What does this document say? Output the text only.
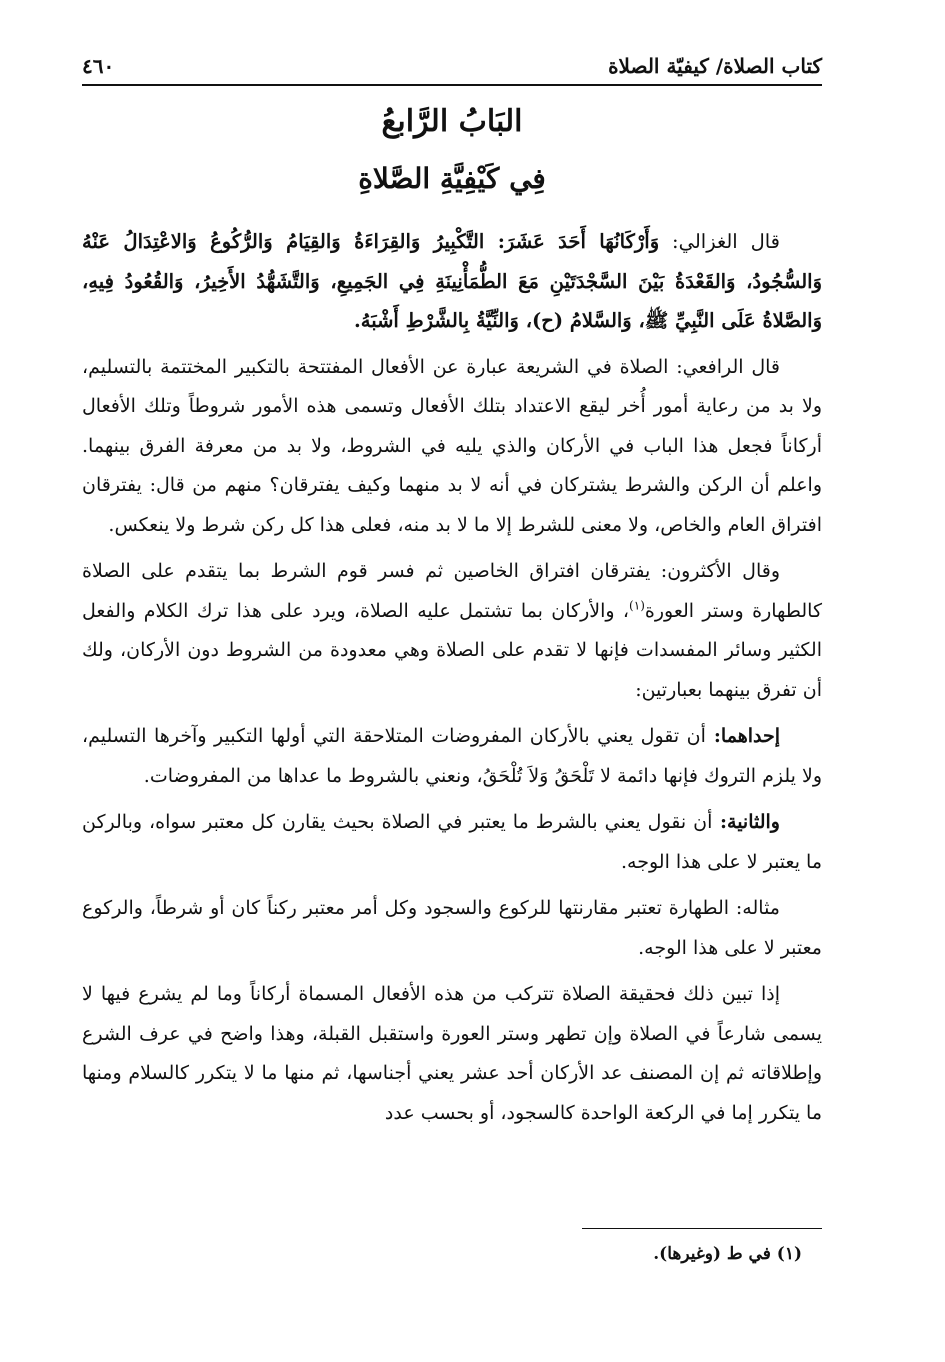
كتاب الصلاة/ كيفيّة الصلاة
٤٦٠
البَابُ الرَّابعُ
فِي كَيْفِيَّةِ الصَّلاةِ

قال الغزالي: وَأَرْكَانُهَا أَحَدَ عَشَرَ: التَّكْبِيرُ وَالقِرَاءَةُ وَالقِيَامُ وَالرُّكُوعُ وَالاعْتِدَالُ عَنْهُ وَالسُّجُودُ، وَالقَعْدَةُ بَيْنَ السَّجْدَتَيْنِ مَعَ الطُّمَأْنِينَةِ فِي الجَمِيعِ، وَالتَّشَهُّدُ الأَخِيرُ، وَالقُعُودُ فِيهِ، وَالصَّلاةُ عَلَى النَّبِيِّ ﷺ، وَالسَّلامُ (ح)، وَالنِّيَّةُ بِالشَّرْطِ أَشْبَهُ.

قال الرافعي: الصلاة في الشريعة عبارة عن الأفعال المفتتحة بالتكبير المختتمة بالتسليم، ولا بد من رعاية أمور أُخر ليقع الاعتداد بتلك الأفعال وتسمى هذه الأمور شروطاً وتلك الأفعال أركاناً فجعل هذا الباب في الأركان والذي يليه في الشروط، ولا بد من معرفة الفرق بينهما. واعلم أن الركن والشرط يشتركان في أنه لا بد منهما وكيف يفترقان؟ منهم من قال: يفترقان افتراق العام والخاص، ولا معنى للشرط إلا ما لا بد منه، فعلى هذا كل ركن شرط ولا ينعكس.

وقال الأكثرون: يفترقان افتراق الخاصين ثم فسر قوم الشرط بما يتقدم على الصلاة كالطهارة وستر العورة$^{(١)}$، والأركان بما تشتمل عليه الصلاة، ويرد على هذا ترك الكلام والفعل الكثير وسائر المفسدات فإنها لا تقدم على الصلاة وهي معدودة من الشروط دون الأركان، ولك أن تفرق بينهما بعبارتين:

إحداهما: أن تقول يعني بالأركان المفروضات المتلاحقة التي أولها التكبير وآخرها التسليم، ولا يلزم التروك فإنها دائمة لا تَلْحَقُ وَلاَ تُلْحَقُ، ونعني بالشروط ما عداها من المفروضات.

والثانية: أن نقول يعني بالشرط ما يعتبر في الصلاة بحيث يقارن كل معتبر سواه، وبالركن ما يعتبر لا على هذا الوجه.

مثاله: الطهارة تعتبر مقارنتها للركوع والسجود وكل أمر معتبر ركناً كان أو شرطاً، والركوع معتبر لا على هذا الوجه.

إذا تبين ذلك فحقيقة الصلاة تتركب من هذه الأفعال المسماة أركاناً وما لم يشرع فيها لا يسمى شارعاً في الصلاة وإن تطهر وستر العورة واستقبل القبلة، وهذا واضح في عرف الشرع وإطلاقاته ثم إن المصنف عد الأركان أحد عشر يعني أجناسها، ثم منها ما لا يتكرر كالسلام ومنها ما يتكرر إما في الركعة الواحدة كالسجود، أو بحسب عدد

(١) في ط (وغيرها).
